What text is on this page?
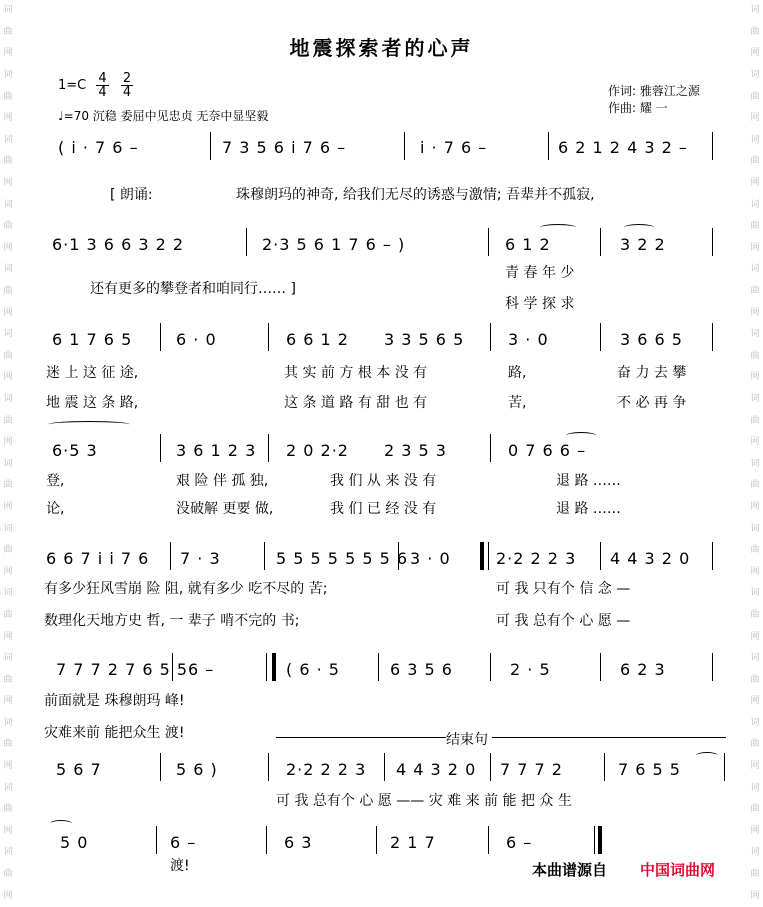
词
曲
网
词
曲
网
词
曲
网
词
曲
网
词
曲
网
词
曲
网
词
曲
网
词
曲
网
词
曲
网
词
曲
网
词
曲
网
词
曲
网
词
曲
网
词
曲
网
词
曲
网
词
曲
网
词
曲
网
词
曲
网
词
曲
网
词
曲
网
词
曲
网
词
曲
网
词
曲
网
词
曲
网
词
曲
网
词
曲
网
词
曲
网
词
曲
网
地震探索者的心声
$1=C \frac{4}{4} \frac{2}{4}$
♩=70 沉稳 委屈中见忠贞 无奈中显坚毅
作词: 雅蓉江之源
作曲: 耀 一
( i · 7 6 –	7 3 5 6 i 7 6 –	i · 7 6 –	6 2 1 2 4 3 2 –
[ 朗诵:	珠穆朗玛的神奇, 给我们无尽的诱惑与激情; 吾辈并不孤寂,
6·1 3 6 6 3 2 2	2·3 5 6 1 7 6 – )	6 1 2	3 2 2
还有更多的攀登者和咱同行…… ]
青 春 年 少
科 学 探 求
6 1 7 6 5	6 · 0	6 6 1 2 3 3 5 6 5	3 · 0	3 6 6 5
迷 上 这 征 途,	其 实 前 方 根 本 没 有	路,	奋 力 去 攀
地 震 这 条 路,	这 条 道 路 有 甜 也 有	苦,	不 必 再 争
6·5 3	3 6 1 2 3 2 0 2·2 2 3 5 3	0 7 6 6 –
登,	艰 险 伴 孤 独,	我 们 从 来 没 有	退 路 ……
论,	没破解 更要 做,	我 们 已 经 没 有	退 路 ……
6 6 7 i i 7 6 7 · 3	5 5 5 5 5 5 5 6 3 · 0	2·2 2 2 3 4 4 3 2 0
有多少狂风雪崩 险 阻, 就有多少 吃不尽的 苦;	可 我 只有个 信 念 —
数理化天地方史 哲, 一 辈子 啃不完的 书;	可 我 总有个 心 愿 —
7 7 7 2 7 6 5 5 6 –	( 6 · 5	6 3 5 6	2 · 5	6 2 3
前面就是 珠穆朗玛 峰!
灾难来前 能把众生 渡!
5 6 7	5 6 )	2·2 2 2 3 4 4 3 2 0 7 7 7 2	7 6 5 5
可 我 总有个 心 愿 —— 灾 难 来 前 能 把 众 生
5 0	6 –	6 3	2 1 7	6 –
渡!
结束句
本曲谱源自 中国词曲网
